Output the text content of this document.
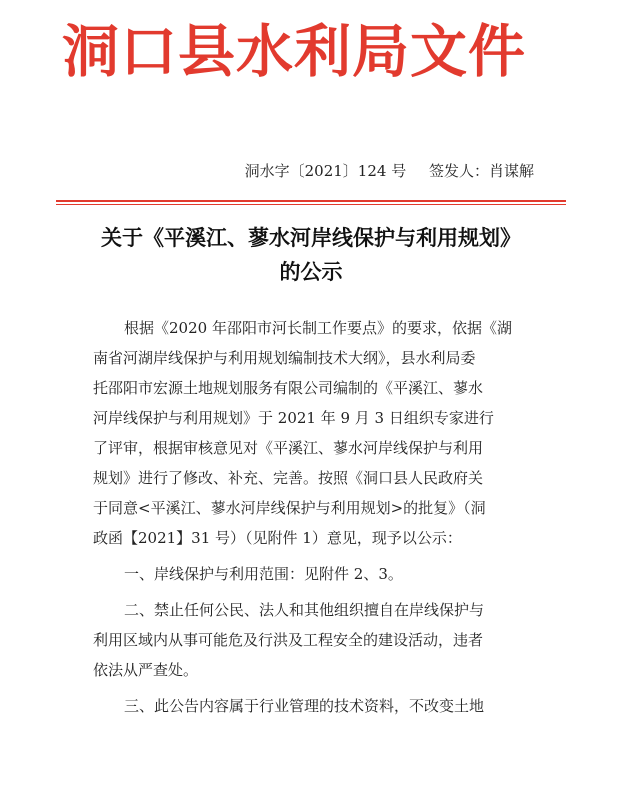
洞口县水利局文件
洞水字〔2021〕124 号 签发人：肖谋解
关于《平溪江、蓼水河岸线保护与利用规划》
的公示

根据《2020 年邵阳市河长制工作要点》的要求，依据《湖

南省河湖岸线保护与利用规划编制技术大纲》，县水利局委

托邵阳市宏源土地规划服务有限公司编制的《平溪江、蓼水

河岸线保护与利用规划》于 2021 年 9 月 3 日组织专家进行

了评审，根据审核意见对《平溪江、蓼水河岸线保护与利用

规划》进行了修改、补充、完善。按照《洞口县人民政府关

于同意<平溪江、蓼水河岸线保护与利用规划>的批复》（洞

政函【2021】31 号）（见附件 1）意见，现予以公示：

一、岸线保护与利用范围：见附件 2、3。

二、禁止任何公民、法人和其他组织擅自在岸线保护与

利用区域内从事可能危及行洪及工程安全的建设活动，违者

依法从严查处。

三、此公告内容属于行业管理的技术资料，不改变土地
